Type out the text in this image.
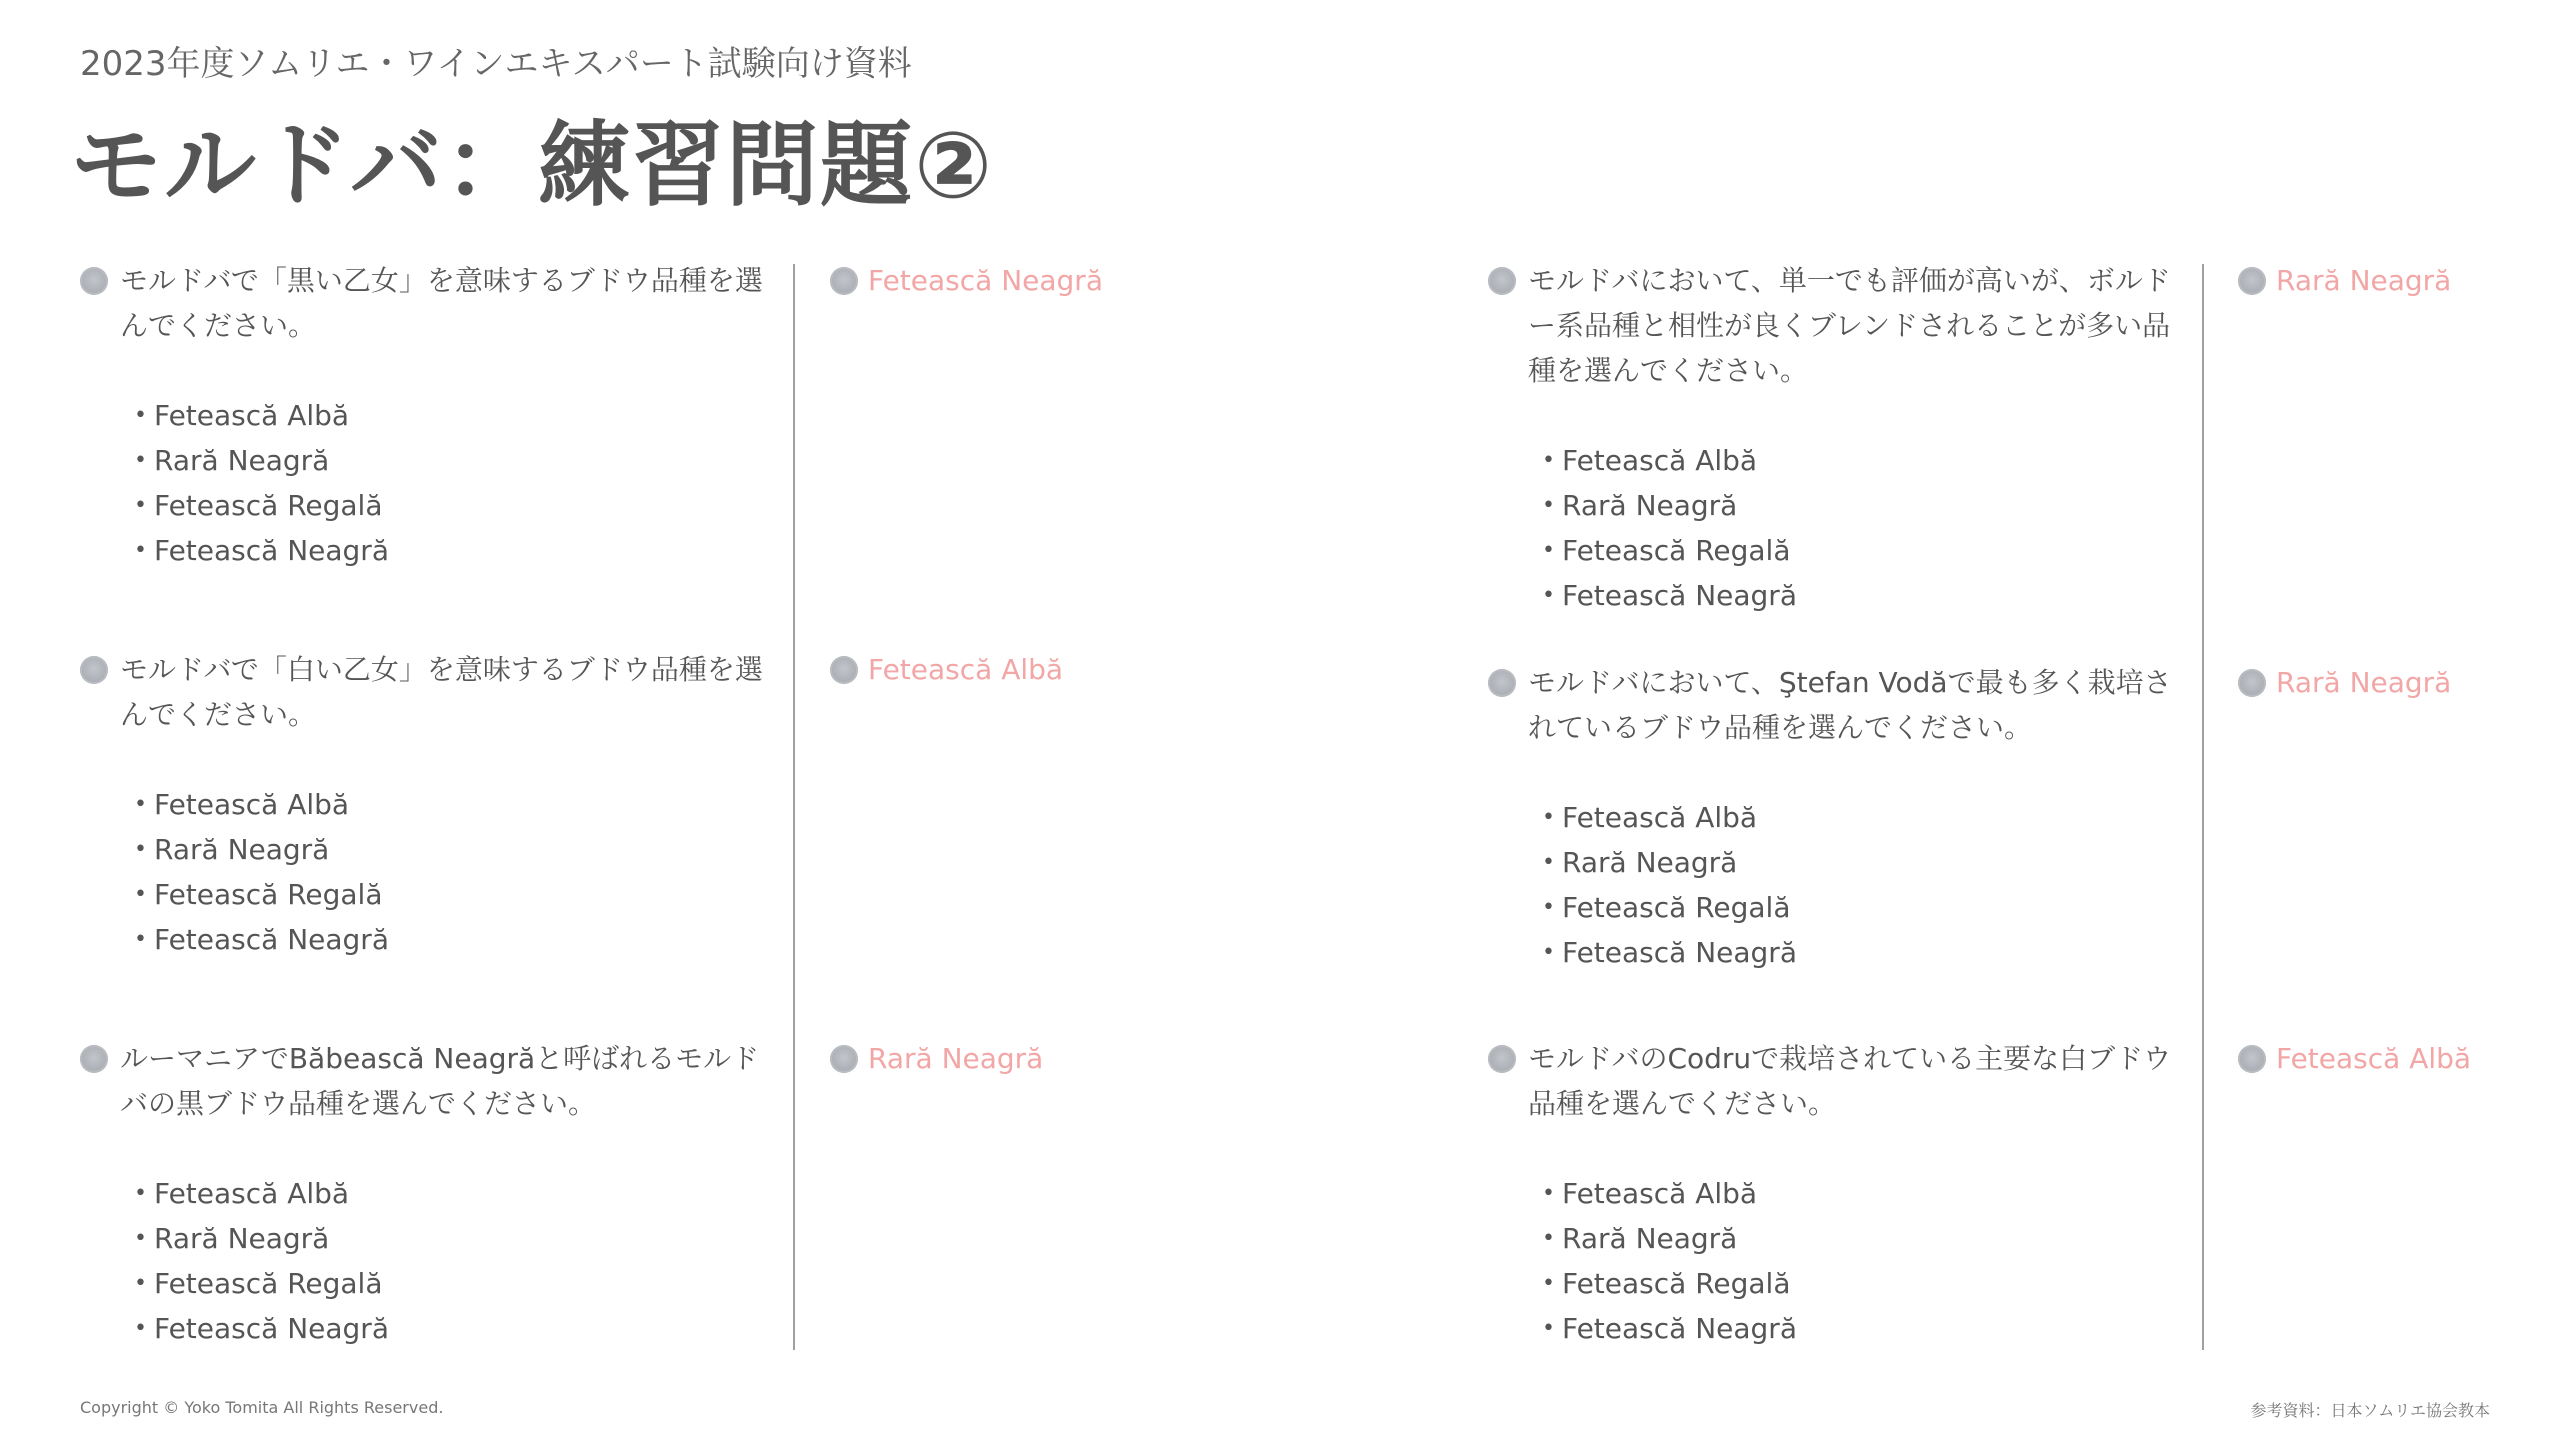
2023年度ソムリエ・ワインエキスパート試験向け資料
モルドバ：練習問題②
モルドバで「黒い乙女」を意味するブドウ品種を選んでください。
• Fetească Albă
• Rară Neagră
• Fetească Regală
• Fetească Neagră
Fetească Neagră
モルドバで「白い乙女」を意味するブドウ品種を選んでください。
• Fetească Albă
• Rară Neagră
• Fetească Regală
• Fetească Neagră
Fetească Albă
ルーマニアでBăbească Neagrăと呼ばれるモルドバの黒ブドウ品種を選んでください。
• Fetească Albă
• Rară Neagră
• Fetească Regală
• Fetească Neagră
Rară Neagră
モルドバにおいて、単一でも評価が高いが、ボルドー系品種と相性が良くブレンドされることが多い品種を選んでください。
• Fetească Albă
• Rară Neagră
• Fetească Regală
• Fetească Neagră
Rară Neagră
モルドバにおいて、Ştefan Vodăで最も多く栽培されているブドウ品種を選んでください。
• Fetească Albă
• Rară Neagră
• Fetească Regală
• Fetească Neagră
Rară Neagră
モルドバのCodruで栽培されている主要な白ブドウ品種を選んでください。
• Fetească Albă
• Rară Neagră
• Fetească Regală
• Fetească Neagră
Fetească Albă
Copyright © Yoko Tomita All Rights Reserved.	参考資料：日本ソムリエ協会教本
